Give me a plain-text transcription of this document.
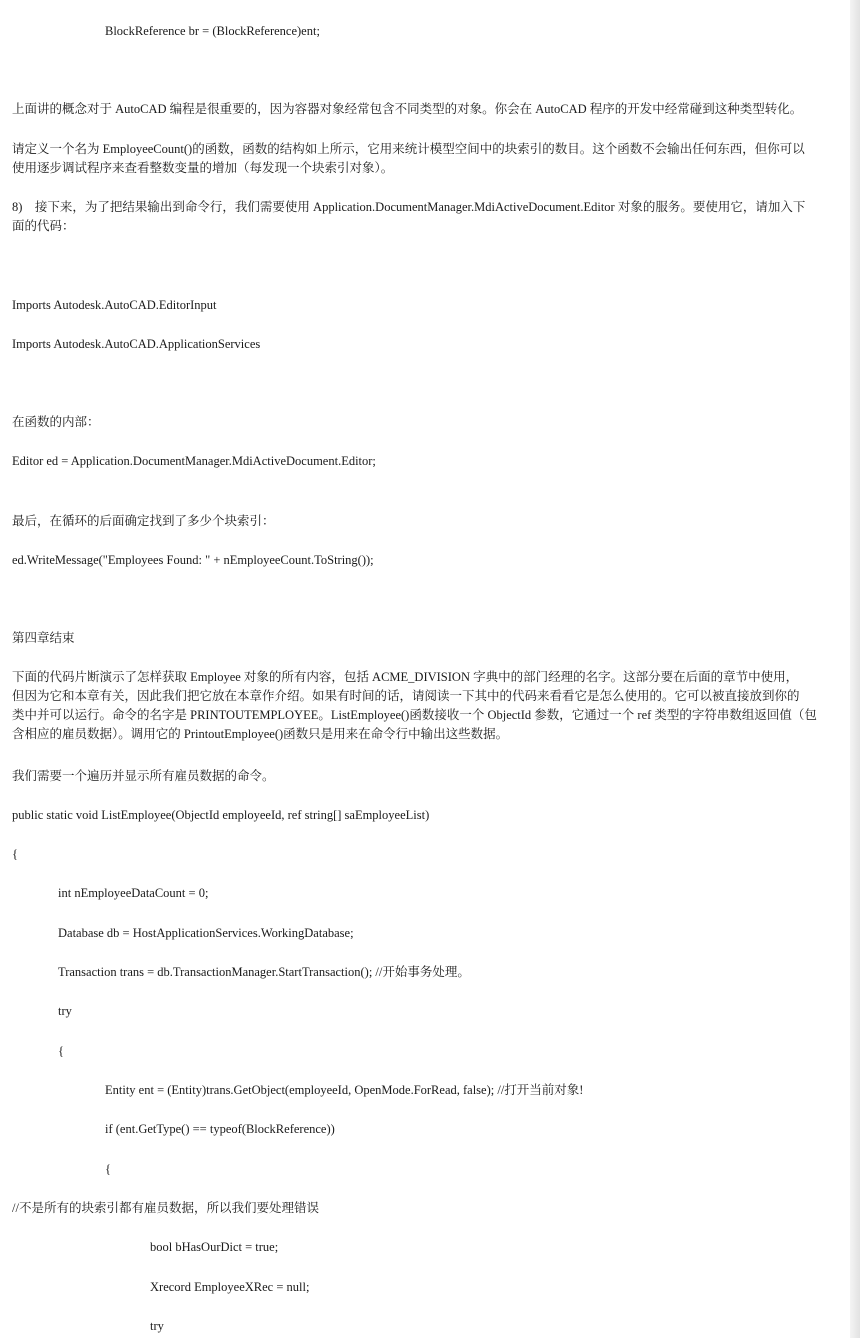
BlockReference br = (BlockReference)ent;
上面讲的概念对于 AutoCAD 编程是很重要的，因为容器对象经常包含不同类型的对象。你会在 AutoCAD 程序的开发中经常碰到这种类型转化。
请定义一个名为 EmployeeCount()的函数，函数的结构如上所示，它用来统计模型空间中的块索引的数目。这个函数不会输出任何东西，但你可以
使用逐步调试程序来查看整数变量的增加（每发现一个块索引对象）。
8)　接下来，为了把结果输出到命令行，我们需要使用 Application.DocumentManager.MdiActiveDocument.Editor 对象的服务。要使用它，请加入下
面的代码：
Imports Autodesk.AutoCAD.EditorInput
Imports Autodesk.AutoCAD.ApplicationServices
在函数的内部：
Editor ed = Application.DocumentManager.MdiActiveDocument.Editor;
最后，在循环的后面确定找到了多少个块索引：
ed.WriteMessage("Employees Found: " + nEmployeeCount.ToString());
第四章结束
下面的代码片断演示了怎样获取 Employee 对象的所有内容，包括 ACME_DIVISION 字典中的部门经理的名字。这部分要在后面的章节中使用，
但因为它和本章有关，因此我们把它放在本章作介绍。如果有时间的话，请阅读一下其中的代码来看看它是怎么使用的。它可以被直接放到你的
类中并可以运行。命令的名字是 PRINTOUTEMPLOYEE。ListEmployee()函数接收一个 ObjectId 参数，它通过一个 ref 类型的字符串数组返回值（包
含相应的雇员数据）。调用它的 PrintoutEmployee()函数只是用来在命令行中输出这些数据。
我们需要一个遍历并显示所有雇员数据的命令。
public static void ListEmployee(ObjectId employeeId, ref string[] saEmployeeList)
{
int nEmployeeDataCount = 0;
Database db = HostApplicationServices.WorkingDatabase;
Transaction trans = db.TransactionManager.StartTransaction(); //开始事务处理。
try
{
Entity ent = (Entity)trans.GetObject(employeeId, OpenMode.ForRead, false); //打开当前对象!
if (ent.GetType() == typeof(BlockReference))
{
//不是所有的块索引都有雇员数据，所以我们要处理错误
bool bHasOurDict = true;
Xrecord EmployeeXRec = null;
try
